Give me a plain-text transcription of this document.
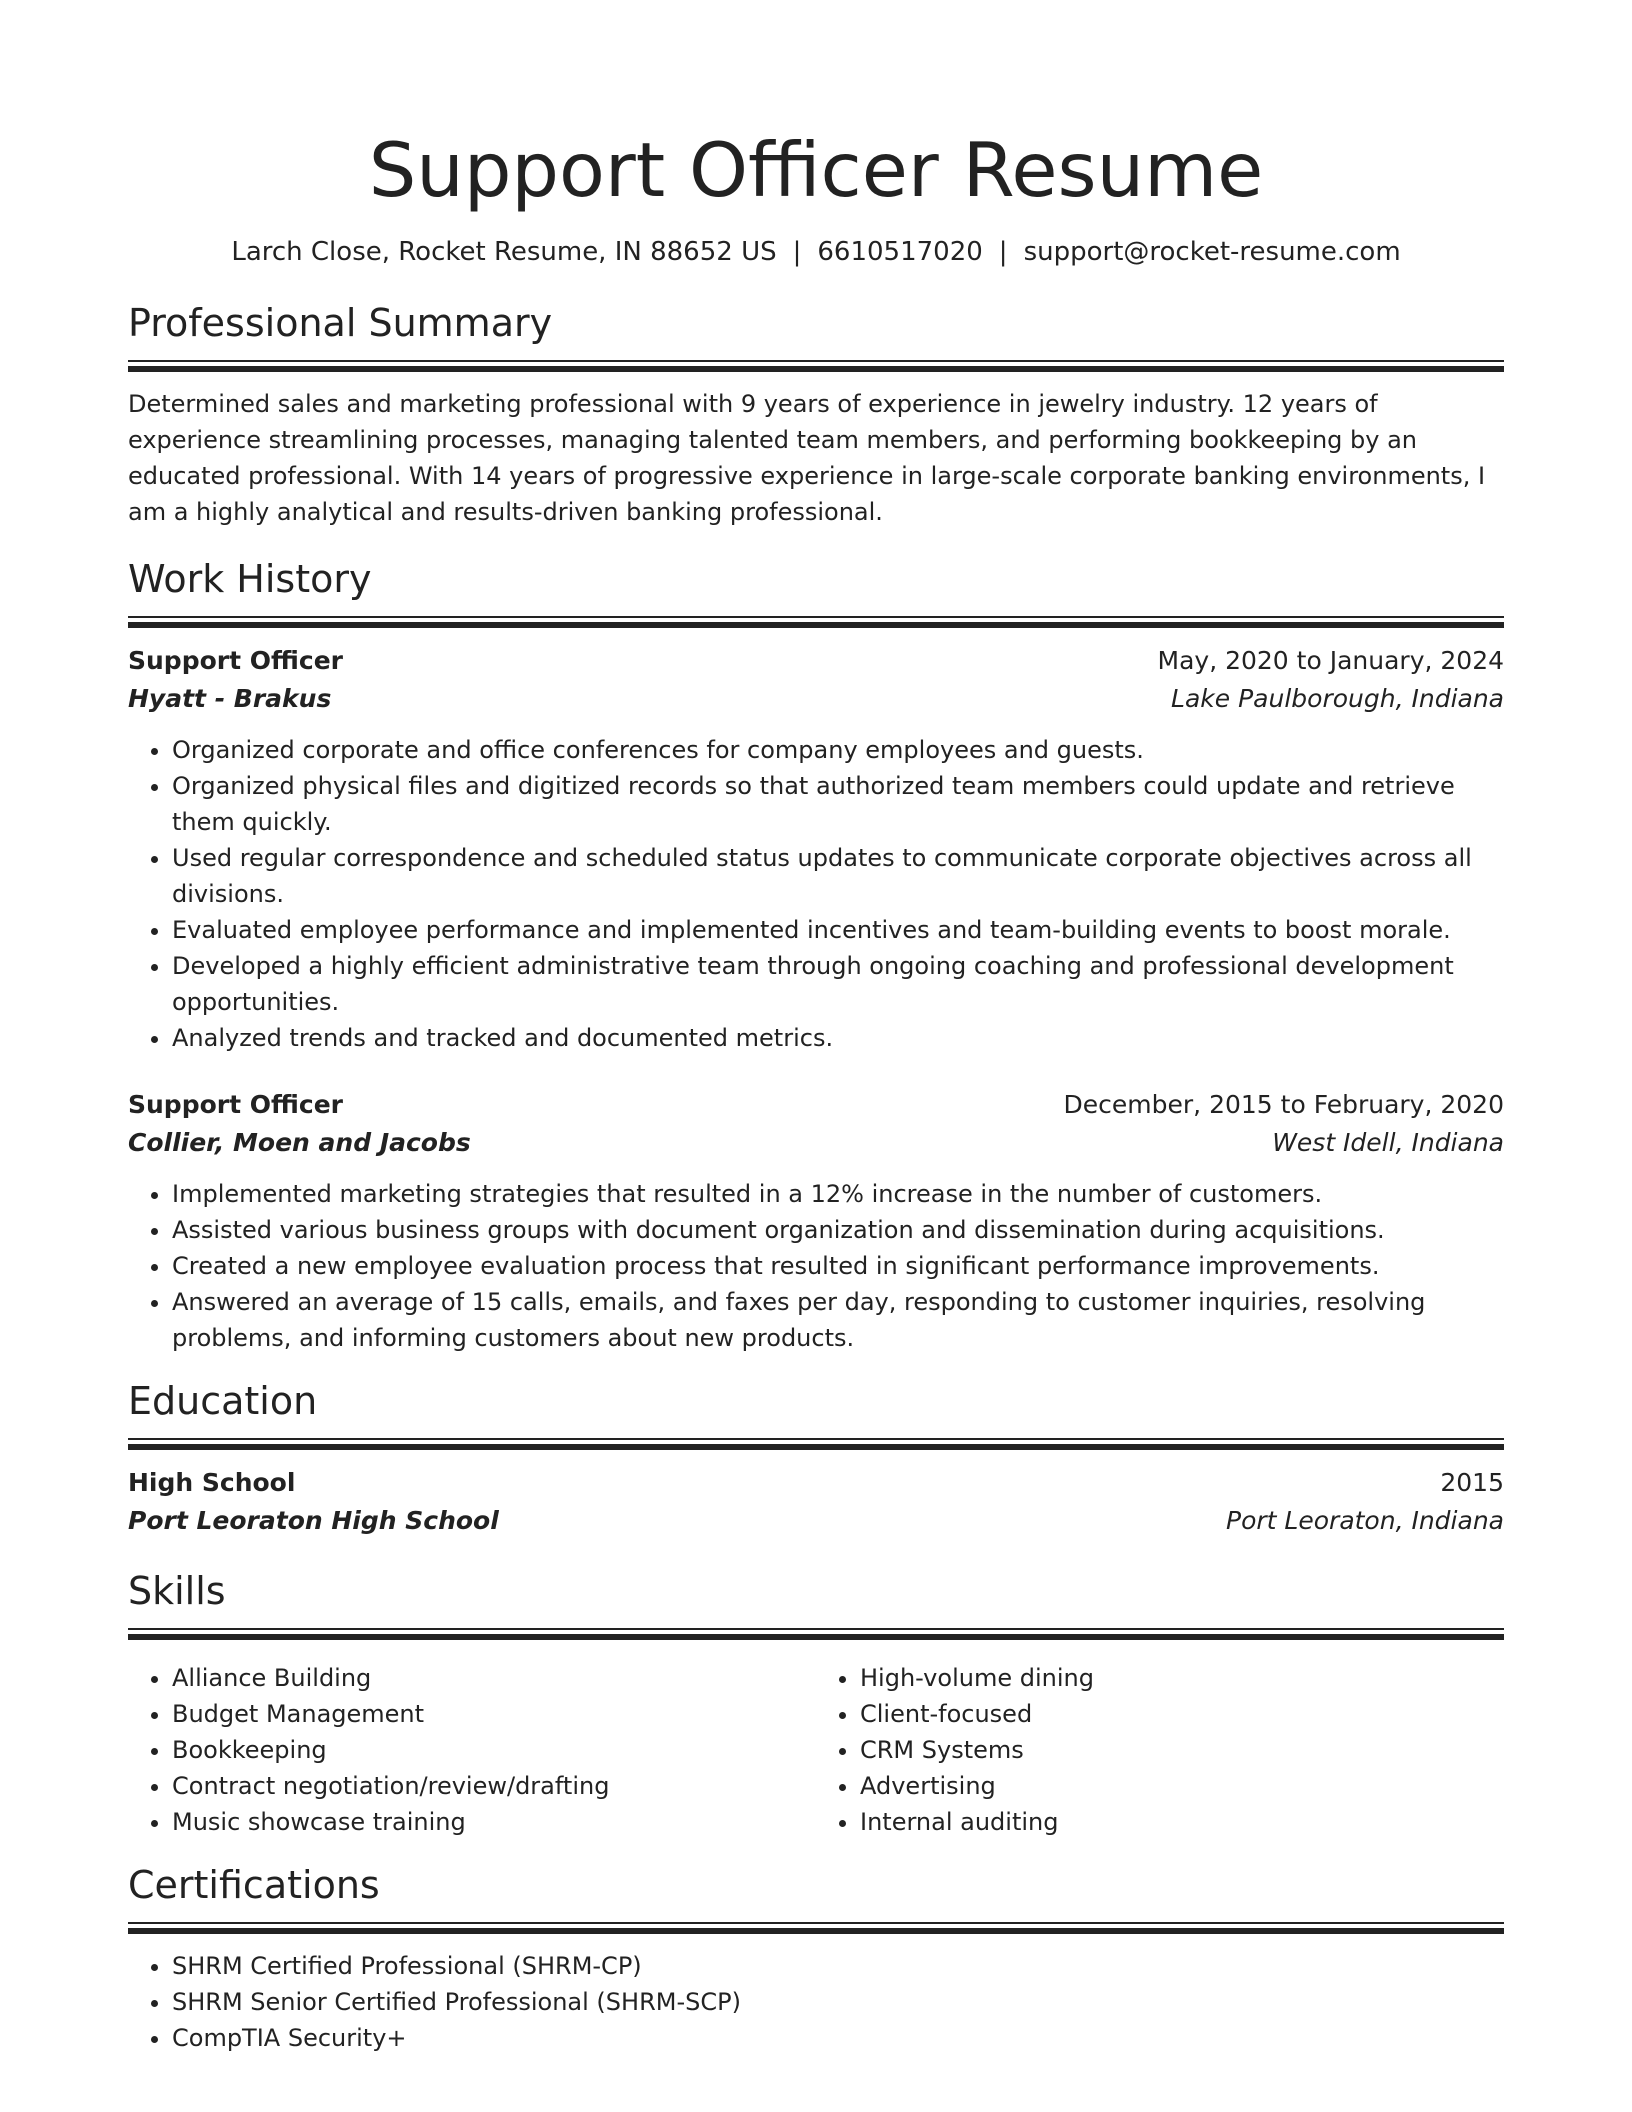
Support Officer Resume
Larch Close, Rocket Resume, IN 88652 US | 6610517020 | support@rocket-resume.com
Professional Summary

Determined sales and marketing professional with 9 years of experience in jewelry industry. 12 years of experience streamlining processes, managing talented team members, and performing bookkeeping by an educated professional. With 14 years of progressive experience in large-scale corporate banking environments, I am a highly analytical and results-driven banking professional.

Work History
Support Officer	May, 2020 to January, 2024
Hyatt - Brakus	Lake Paulborough, Indiana
• Organized corporate and office conferences for company employees and guests.
• Organized physical files and digitized records so that authorized team members could update and retrieve them quickly.
• Used regular correspondence and scheduled status updates to communicate corporate objectives across all divisions.
• Evaluated employee performance and implemented incentives and team-building events to boost morale.
• Developed a highly efficient administrative team through ongoing coaching and professional development opportunities.
• Analyzed trends and tracked and documented metrics.
Support Officer	December, 2015 to February, 2020
Collier, Moen and Jacobs	West Idell, Indiana
• Implemented marketing strategies that resulted in a 12% increase in the number of customers.
• Assisted various business groups with document organization and dissemination during acquisitions.
• Created a new employee evaluation process that resulted in significant performance improvements.
• Answered an average of 15 calls, emails, and faxes per day, responding to customer inquiries, resolving problems, and informing customers about new products.
Education
High School	2015
Port Leoraton High School	Port Leoraton, Indiana
Skills
• Alliance Building
• Budget Management
• Bookkeeping
• Contract negotiation/review/drafting
• Music showcase training
• High-volume dining
• Client-focused
• CRM Systems
• Advertising
• Internal auditing
Certifications
• SHRM Certified Professional (SHRM-CP)
• SHRM Senior Certified Professional (SHRM-SCP)
• CompTIA Security+
